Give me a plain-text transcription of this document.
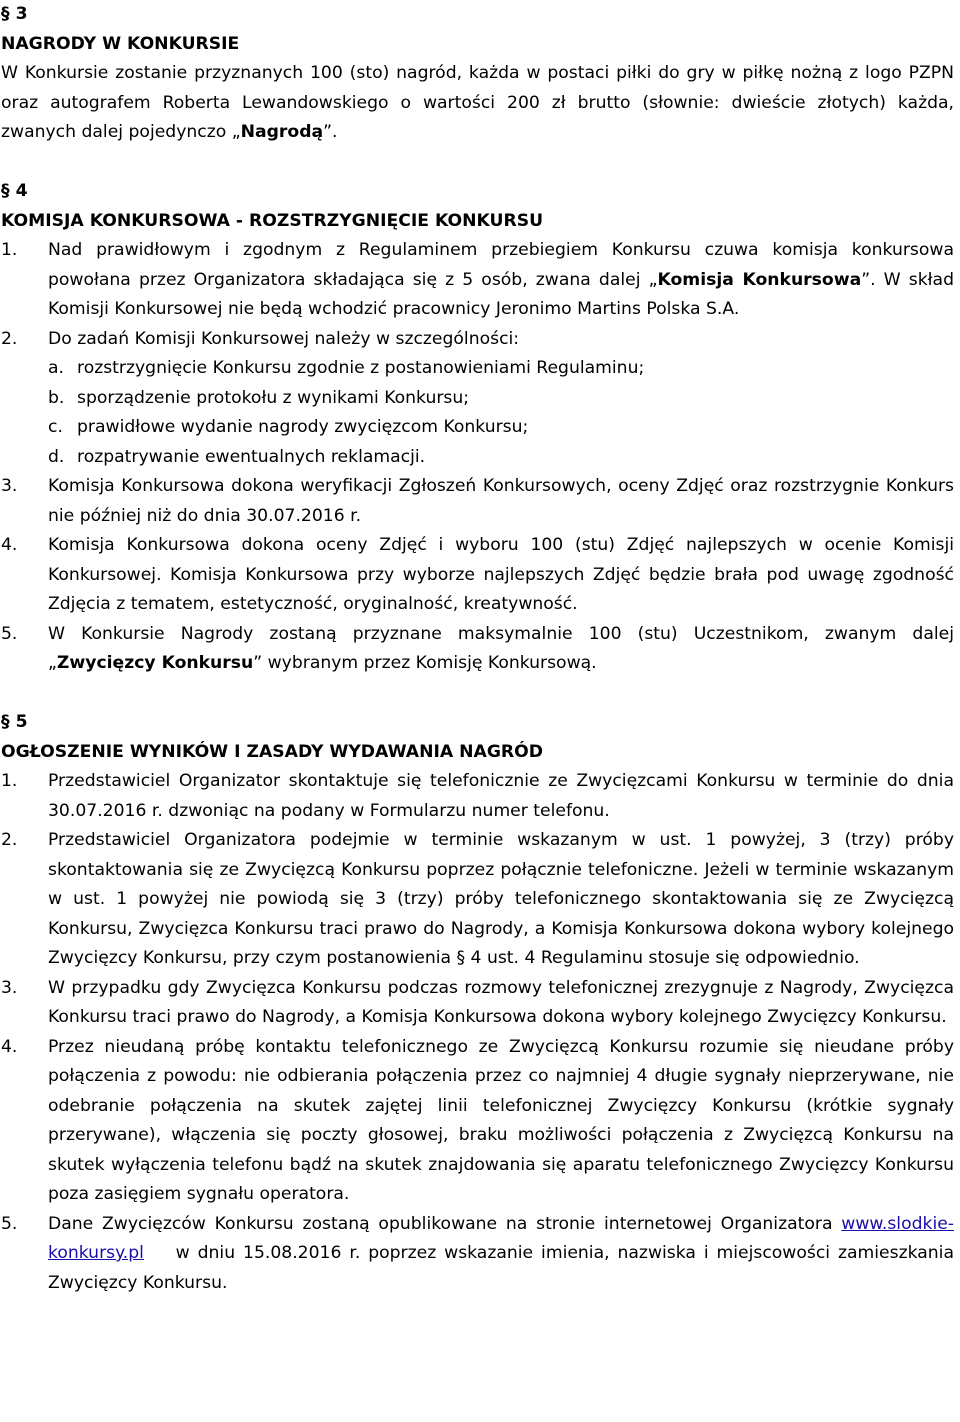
§ 3
NAGRODY W KONKURSIE
W Konkursie zostanie przyznanych 100 (sto) nagród, każda w postaci piłki do gry w piłkę nożną z logo PZPN oraz autografem Roberta Lewandowskiego o wartości 200 zł brutto (słownie: dwieście złotych) każda, zwanych dalej pojedynczo „Nagrodą”.
§ 4
KOMISJA KONKURSOWA - ROZSTRZYGNIĘCIE KONKURSU
1.	Nad prawidłowym i zgodnym z Regulaminem przebiegiem Konkursu czuwa komisja konkursowa powołana przez Organizatora składająca się z 5 osób, zwana dalej „Komisja Konkursowa”. W skład Komisji Konkursowej nie będą wchodzić pracownicy Jeronimo Martins Polska S.A.
2.	Do zadań Komisji Konkursowej należy w szczególności:
a. rozstrzygnięcie Konkursu zgodnie z postanowieniami Regulaminu;
b. sporządzenie protokołu z wynikami Konkursu;
c. prawidłowe wydanie nagrody zwycięzcom Konkursu;
d. rozpatrywanie ewentualnych reklamacji.
3.	Komisja Konkursowa dokona weryfikacji Zgłoszeń Konkursowych, oceny Zdjęć oraz rozstrzygnie Konkurs nie później niż do dnia 30.07.2016 r.
4.	Komisja Konkursowa dokona oceny Zdjęć i wyboru 100 (stu) Zdjęć najlepszych w ocenie Komisji Konkursowej. Komisja Konkursowa przy wyborze najlepszych Zdjęć będzie brała pod uwagę zgodność Zdjęcia z tematem, estetyczność, oryginalność, kreatywność.
5.	W Konkursie Nagrody zostaną przyznane maksymalnie 100 (stu) Uczestnikom, zwanym dalej „Zwycięzcy Konkursu” wybranym przez Komisję Konkursową.
§ 5
OGŁOSZENIE WYNIKÓW I ZASADY WYDAWANIA NAGRÓD
1.	Przedstawiciel Organizator skontaktuje się telefonicznie ze Zwycięzcami Konkursu w terminie do dnia 30.07.2016 r. dzwoniąc na podany w Formularzu numer telefonu.
2.	Przedstawiciel Organizatora podejmie w terminie wskazanym w ust. 1 powyżej, 3 (trzy) próby skontaktowania się ze Zwycięzcą Konkursu poprzez połącznie telefoniczne. Jeżeli w terminie wskazanym w ust. 1 powyżej nie powiodą się 3 (trzy) próby telefonicznego skontaktowania się ze Zwycięzcą Konkursu, Zwycięzca Konkursu traci prawo do Nagrody, a Komisja Konkursowa dokona wybory kolejnego Zwycięzcy Konkursu, przy czym postanowienia § 4 ust. 4 Regulaminu stosuje się odpowiednio.
3.	W przypadku gdy Zwycięzca Konkursu podczas rozmowy telefonicznej zrezygnuje z Nagrody, Zwycięzca Konkursu traci prawo do Nagrody, a Komisja Konkursowa dokona wybory kolejnego Zwycięzcy Konkursu.
4.	Przez nieudaną próbę kontaktu telefonicznego ze Zwycięzcą Konkursu rozumie się nieudane próby połączenia z powodu: nie odbierania połączenia przez co najmniej 4 długie sygnały nieprzerywane, nie odebranie połączenia na skutek zajętej linii telefonicznej Zwycięzcy Konkursu (krótkie sygnały przerywane), włączenia się poczty głosowej, braku możliwości połączenia z Zwycięzcą Konkursu na skutek wyłączenia telefonu bądź na skutek znajdowania się aparatu telefonicznego Zwycięzcy Konkursu poza zasięgiem sygnału operatora.
5.	Dane Zwycięzców Konkursu zostaną opublikowane na stronie internetowej Organizatora www.slodkie-konkursy.pl    w dniu 15.08.2016 r. poprzez wskazanie imienia, nazwiska i miejscowości zamieszkania Zwycięzcy Konkursu.
